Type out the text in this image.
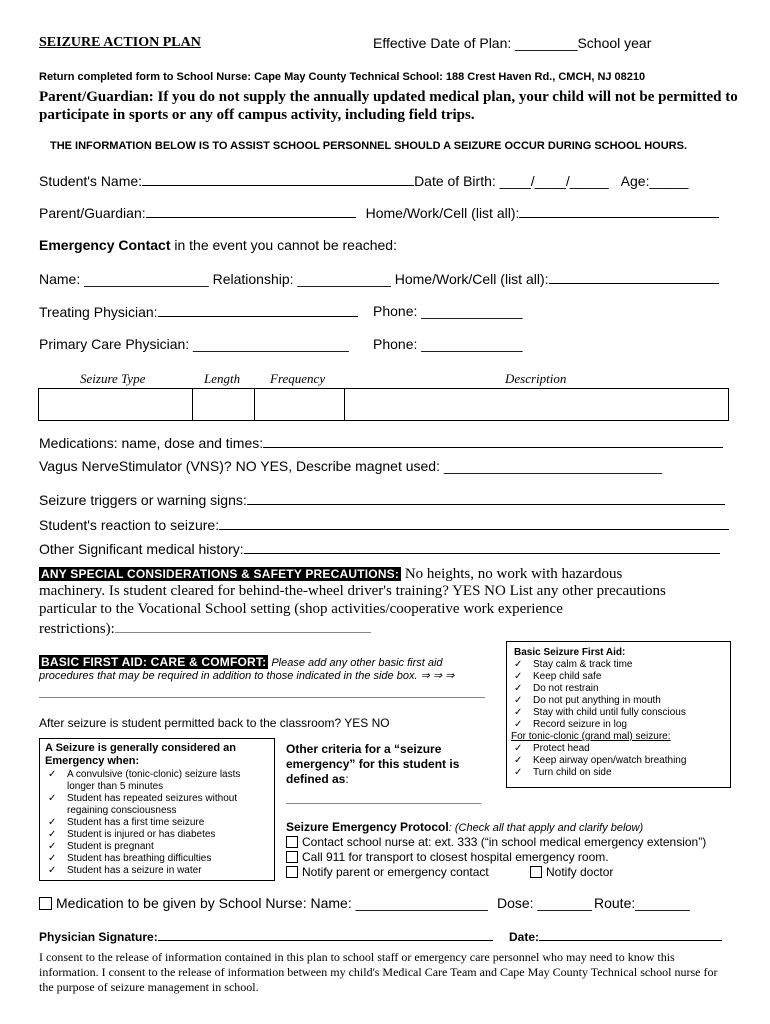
SEIZURE ACTION PLAN	Effective Date of Plan: ________School year
Return completed form to School Nurse: Cape May County Technical School: 188 Crest Haven Rd., CMCH, NJ 08210
Parent/Guardian: If you do not supply the annually updated medical plan, your child will not be permitted to participate in sports or any off campus activity, including field trips.
THE INFORMATION BELOW IS TO ASSIST SCHOOL PERSONNEL SHOULD A SEIZURE OCCUR DURING SCHOOL HOURS.
Student's Name:	Date of Birth: ____/____/_____ Age:_____
Parent/Guardian:	Home/Work/Cell (list all):
Emergency Contact in the event you cannot be reached:
Name: ________________ Relationship: ____________ Home/Work/Cell (list all):
Treating Physician:	Phone: _____________
Primary Care Physician: ____________________ Phone: _____________
Seizure Type	Length Frequency	Description

Medications: name, dose and times:
Vagus NerveStimulator (VNS)? NO YES, Describe magnet used: ____________________________
Seizure triggers or warning signs:
Student's reaction to seizure:
Other Significant medical history:
ANY SPECIAL CONSIDERATIONS & SAFETY PRECAUTIONS: No heights, no work with hazardous
machinery. Is student cleared for behind-the-wheel driver's training? YES NO List any other precautions
particular to the Vocational School setting (shop activities/cooperative work experience
restrictions):
BASIC FIRST AID: CARE & COMFORT: Please add any other basic first aid
procedures that may be required in addition to those indicated in the side box. ⇒ ⇒ ⇒
After seizure is student permitted back to the classroom? YES NO
Basic Seizure First Aid:
✓ Stay calm & track time
✓ Keep child safe
✓ Do not restrain
✓ Do not put anything in mouth
✓ Stay with child until fully conscious
✓ Record seizure in log
For tonic-clonic (grand mal) seizure:
✓ Protect head
✓ Keep airway open/watch breathing
✓ Turn child on side
A Seizure is generally considered an
Emergency when:
✓ A convulsive (tonic-clonic) seizure lasts
longer than 5 minutes
✓ Student has repeated seizures without
regaining consciousness
✓ Student has a first time seizure
✓ Student is injured or has diabetes
✓ Student is pregnant
✓ Student has breathing difficulties
✓ Student has a seizure in water
Other criteria for a “seizure
emergency” for this student is
defined as:
Seizure Emergency Protocol: (Check all that apply and clarify below)
Contact school nurse at: ext. 333 (“in school medical emergency extension”)
Call 911 for transport to closest hospital emergency room.
Notify parent or emergency contact	Notify doctor
Medication to be given by School Nurse: Name: _________________ Dose: _______ Route:_______
Physician Signature:	Date:
I consent to the release of information contained in this plan to school staff or emergency care personnel who may need to know this information. I consent to the release of information between my child's Medical Care Team and Cape May County Technical school nurse for the purpose of seizure management in school.
